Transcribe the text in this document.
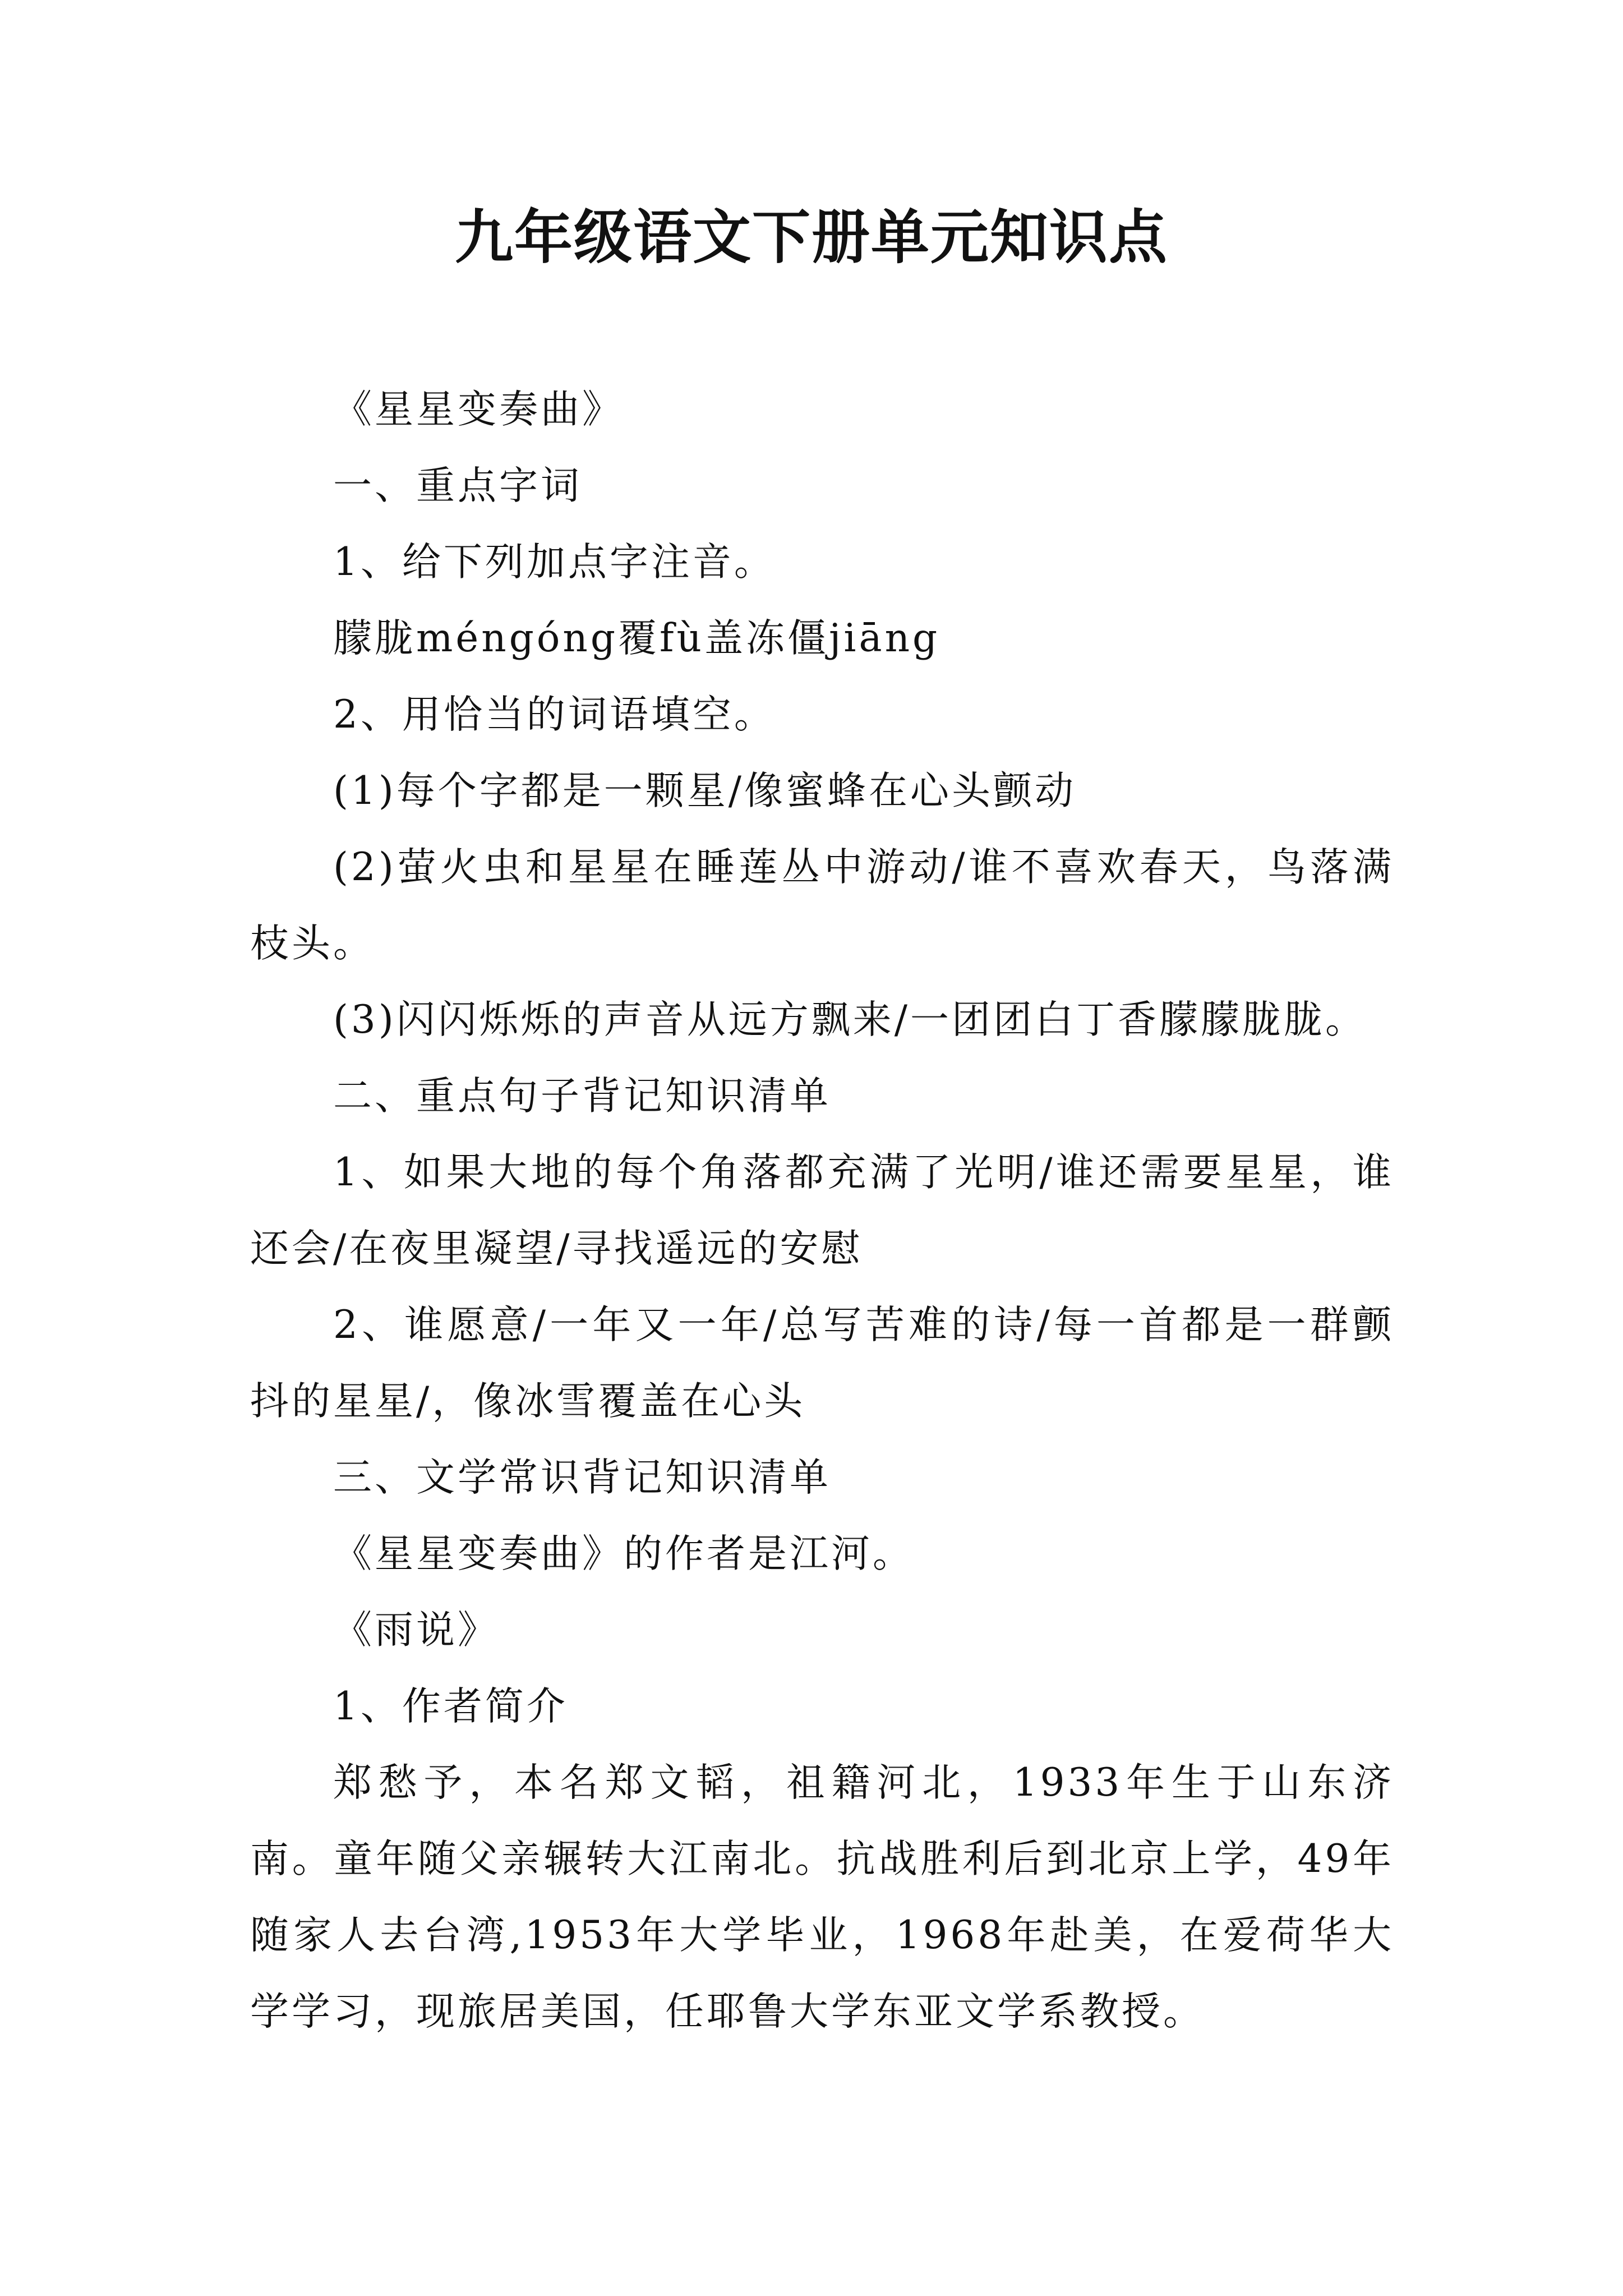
九年级语文下册单元知识点

《星星变奏曲》

一、重点字词

1、给下列加点字注音。

朦胧méngóng覆fù盖冻僵jiāng

2、用恰当的词语填空。

(1)每个字都是一颗星/像蜜蜂在心头颤动

(2)萤火虫和星星在睡莲丛中游动/谁不喜欢春天，鸟落满枝头。

(3)闪闪烁烁的声音从远方飘来/一团团白丁香朦朦胧胧。

二、重点句子背记知识清单

1、如果大地的每个角落都充满了光明/谁还需要星星，谁还会/在夜里凝望/寻找遥远的安慰

2、谁愿意/一年又一年/总写苦难的诗/每一首都是一群颤抖的星星/，像冰雪覆盖在心头

三、文学常识背记知识清单

《星星变奏曲》的作者是江河。

《雨说》

1、作者简介

郑愁予，本名郑文韬，祖籍河北，1933年生于山东济南。童年随父亲辗转大江南北。抗战胜利后到北京上学，49年随家人去台湾,1953年大学毕业，1968年赴美，在爱荷华大学学习，现旅居美国，任耶鲁大学东亚文学系教授。
